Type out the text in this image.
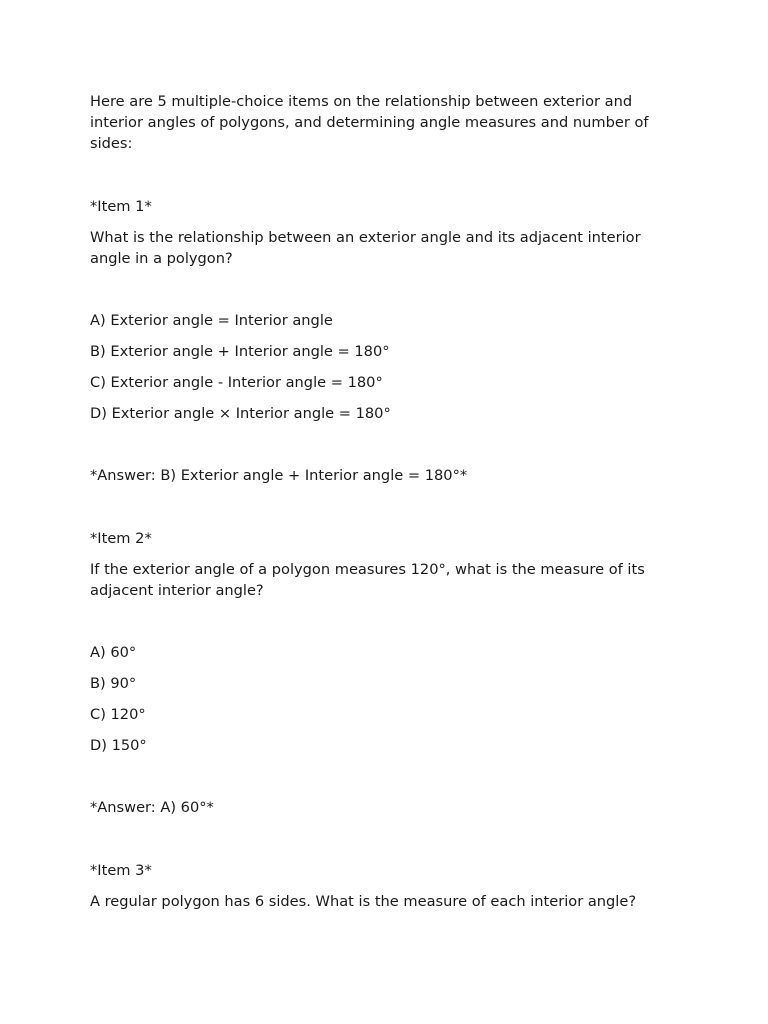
Here are 5 multiple-choice items on the relationship between exterior and interior angles of polygons, and determining angle measures and number of sides:

*Item 1*

What is the relationship between an exterior angle and its adjacent interior angle in a polygon?

A) Exterior angle = Interior angle

B) Exterior angle + Interior angle = 180°

C) Exterior angle - Interior angle = 180°

D) Exterior angle × Interior angle = 180°

*Answer: B) Exterior angle + Interior angle = 180°*

*Item 2*

If the exterior angle of a polygon measures 120°, what is the measure of its adjacent interior angle?

A) 60°

B) 90°

C) 120°

D) 150°

*Answer: A) 60°*

*Item 3*

A regular polygon has 6 sides. What is the measure of each interior angle?
